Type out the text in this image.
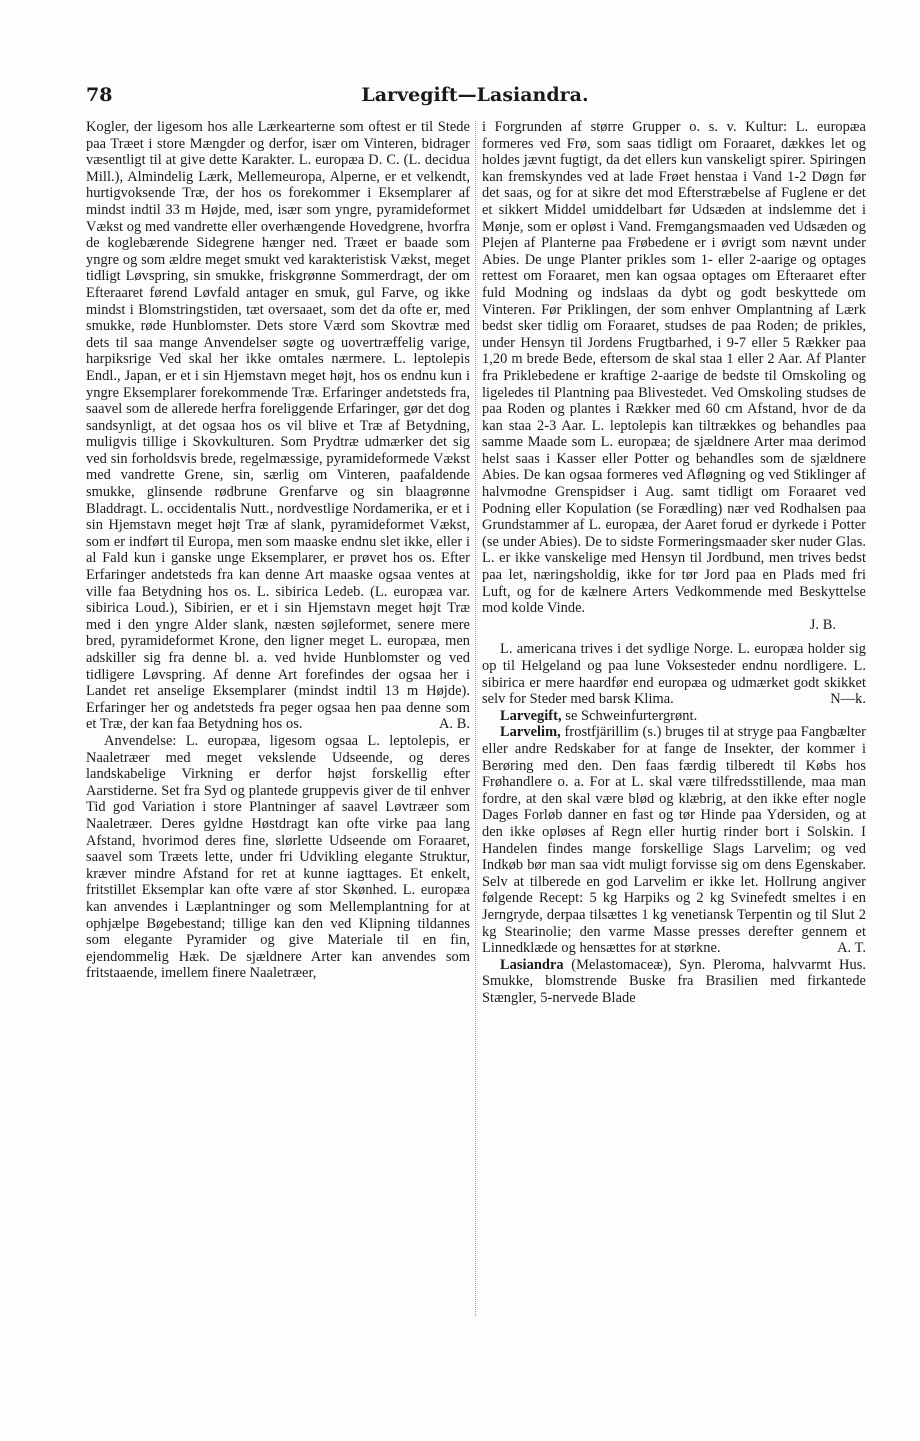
78	Larvegift—Lasiandra.

Kogler, der ligesom hos alle Lærkearterne som oftest er til Stede paa Træet i store Mængder og derfor, især om Vinteren, bidrager væsentligt til at give dette Karakter. L. europæa D. C. (L. decidua Mill.), Almindelig Lærk, Mellemeuropa, Alperne, er et velkendt, hurtigvoksende Træ, der hos os forekommer i Eksemplarer af mindst indtil 33 m Højde, med, især som yngre, pyramideformet Vækst og med vandrette eller overhængende Hovedgrene, hvorfra de koglebærende Sidegrene hænger ned. Træet er baade som yngre og som ældre meget smukt ved karakteristisk Vækst, meget tidligt Løvspring, sin smukke, friskgrønne Sommerdragt, der om Efteraaret førend Løvfald antager en smuk, gul Farve, og ikke mindst i Blomstringstiden, tæt oversaaet, som det da ofte er, med smukke, røde Hunblomster. Dets store Værd som Skovtræ med dets til saa mange Anvendelser søgte og uovertræffelig varige, harpiksrige Ved skal her ikke omtales nærmere. L. leptolepis Endl., Japan, er et i sin Hjemstavn meget højt, hos os endnu kun i yngre Eksemplarer forekommende Træ. Erfaringer andetsteds fra, saavel som de allerede herfra foreliggende Erfaringer, gør det dog sandsynligt, at det ogsaa hos os vil blive et Træ af Betydning, muligvis tillige i Skovkulturen. Som Prydtræ udmærker det sig ved sin forholdsvis brede, regelmæssige, pyramideformede Vækst med vandrette Grene, sin, særlig om Vinteren, paafaldende smukke, glinsende rødbrune Grenfarve og sin blaagrønne Bladdragt. L. occidentalis Nutt., nordvestlige Nordamerika, er et i sin Hjemstavn meget højt Træ af slank, pyramideformet Vækst, som er indført til Europa, men som maaske endnu slet ikke, eller i al Fald kun i ganske unge Eksemplarer, er prøvet hos os. Efter Erfaringer andetsteds fra kan denne Art maaske ogsaa ventes at ville faa Betydning hos os. L. sibirica Ledeb. (L. europæa var. sibirica Loud.), Sibirien, er et i sin Hjemstavn meget højt Træ med i den yngre Alder slank, næsten søjleformet, senere mere bred, pyramideformet Krone, den ligner meget L. europæa, men adskiller sig fra denne bl. a. ved hvide Hunblomster og ved tidligere Løvspring. Af denne Art forefindes der ogsaa her i Landet ret anselige Eksemplarer (mindst indtil 13 m Højde). Erfaringer her og andetsteds fra peger ogsaa hen paa denne som et Træ, der kan faa Betydning hos os.	A. B.

Anvendelse: L. europæa, ligesom ogsaa L. leptolepis, er Naaletræer med meget vekslende Udseende, og deres landskabelige Virkning er derfor højst forskellig efter Aarstiderne. Set fra Syd og plantede gruppevis giver de til enhver Tid god Variation i store Plantninger af saavel Løvtræer som Naaletræer. Deres gyldne Høstdragt kan ofte virke paa lang Afstand, hvorimod deres fine, slørlette Udseende om Foraaret, saavel som Træets lette, under fri Udvikling elegante Struktur, kræver mindre Afstand for ret at kunne iagttages. Et enkelt, fritstillet Eksemplar kan ofte være af stor Skønhed. L. europæa kan anvendes i Læplantninger og som Mellemplantning for at ophjælpe Bøgebestand; tillige kan den ved Klipning tildannes som elegante Pyramider og give Materiale til en fin, ejendommelig Hæk. De sjældnere Arter kan anvendes som fritstaaende, imellem finere Naaletræer,

i Forgrunden af større Grupper o. s. v. Kultur: L. europæa formeres ved Frø, som saas tidligt om Foraaret, dækkes let og holdes jævnt fugtigt, da det ellers kun vanskeligt spirer. Spiringen kan fremskyndes ved at lade Frøet henstaa i Vand 1-2 Døgn før det saas, og for at sikre det mod Efterstræbelse af Fuglene er det et sikkert Middel umiddelbart før Udsæden at indslemme det i Mønje, som er opløst i Vand. Fremgangsmaaden ved Udsæden og Plejen af Planterne paa Frøbedene er i øvrigt som nævnt under Abies. De unge Planter prikles som 1- eller 2-aarige og optages rettest om Foraaret, men kan ogsaa optages om Efteraaret efter fuld Modning og indslaas da dybt og godt beskyttede om Vinteren. Før Priklingen, der som enhver Omplantning af Lærk bedst sker tidlig om Foraaret, studses de paa Roden; de prikles, under Hensyn til Jordens Frugtbarhed, i 9-7 eller 5 Rækker paa 1,20 m brede Bede, eftersom de skal staa 1 eller 2 Aar. Af Planter fra Priklebedene er kraftige 2-aarige de bedste til Omskoling og ligeledes til Plantning paa Blivestedet. Ved Omskoling studses de paa Roden og plantes i Rækker med 60 cm Afstand, hvor de da kan staa 2-3 Aar. L. leptolepis kan tiltrækkes og behandles paa samme Maade som L. europæa; de sjældnere Arter maa derimod helst saas i Kasser eller Potter og behandles som de sjældnere Abies. De kan ogsaa formeres ved Afløgning og ved Stiklinger af halvmodne Grenspidser i Aug. samt tidligt om Foraaret ved Podning eller Kopulation (se Forædling) nær ved Rodhalsen paa Grundstammer af L. europæa, der Aaret forud er dyrkede i Potter (se under Abies). De to sidste Formeringsmaader sker nuder Glas. L. er ikke vanskelige med Hensyn til Jordbund, men trives bedst paa let, næringsholdig, ikke for tør Jord paa en Plads med fri Luft, og for de kælnere Arters Vedkommende med Beskyttelse mod kolde Vinde.

J. B.

L. americana trives i det sydlige Norge. L. europæa holder sig op til Helgeland og paa lune Voksesteder endnu nordligere. L. sibirica er mere haardfør end europæa og udmærket godt skikket selv for Steder med barsk Klima.	N—k.

Larvegift, se Schweinfurtergrønt.

Larvelim, frostfjärillim (s.) bruges til at stryge paa Fangbælter eller andre Redskaber for at fange de Insekter, der kommer i Berøring med den. Den faas færdig tilberedt til Købs hos Frøhandlere o. a. For at L. skal være tilfredsstillende, maa man fordre, at den skal være blød og klæbrig, at den ikke efter nogle Dages Forløb danner en fast og tør Hinde paa Ydersiden, og at den ikke opløses af Regn eller hurtig rinder bort i Solskin. I Handelen findes mange forskellige Slags Larvelim; og ved Indkøb bør man saa vidt muligt forvisse sig om dens Egenskaber. Selv at tilberede en god Larvelim er ikke let. Hollrung angiver følgende Recept: 5 kg Harpiks og 2 kg Svinefedt smeltes i en Jerngryde, derpaa tilsættes 1 kg venetiansk Terpentin og til Slut 2 kg Stearinolie; den varme Masse presses derefter gennem et Linnedklæde og hensættes for at størkne.	A. T.

Lasiandra (Melastomaceæ), Syn. Pleroma, halvvarmt Hus. Smukke, blomstrende Buske fra Brasilien med firkantede Stængler, 5-nervede Blade
